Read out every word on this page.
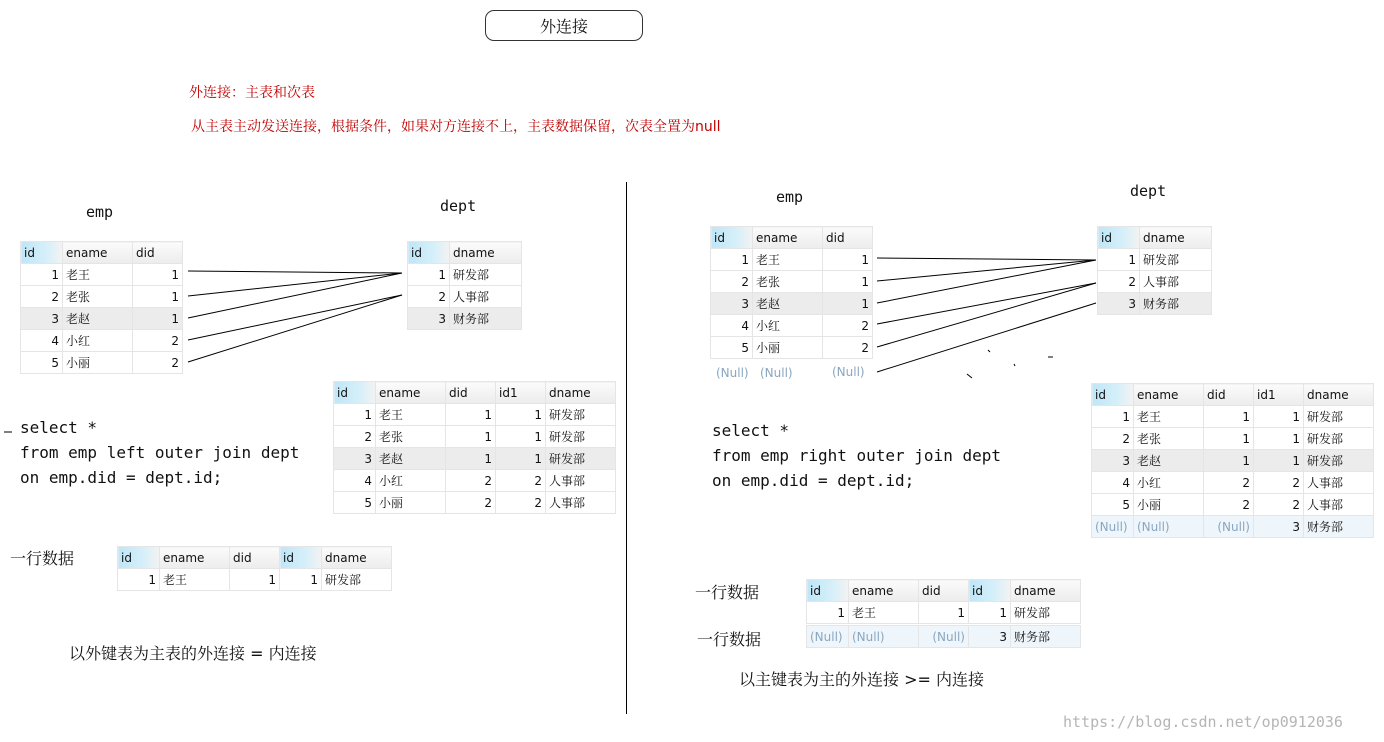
外连接
外连接：主表和次表
从主表主动发送连接，根据条件，如果对方连接不上，主表数据保留，次表全置为null
emp	dept
id	ename	did
1	老王	1
2	老张	1
3	老赵	1
4	小红	2
5	小丽	2
id	dname
1	研发部
2	人事部
3	财务部
select *
from emp left outer join dept
on emp.did = dept.id;
id	ename	did	id1	dname
1	老王	1	1	研发部
2	老张	1	1	研发部
3	老赵	1	1	研发部
4	小红	2	2	人事部
5	小丽	2	2	人事部
一行数据	id	ename	did	id	dname
1	老王	1	1	研发部
以外键表为主表的外连接 = 内连接
emp	dept
id	ename	did
1	老王	1
2	老张	1
3	老赵	1
4	小红	2
5	小丽	2
(Null) (Null)	(Null)
id	dname
1	研发部
2	人事部
3	财务部
select *
from emp right outer join dept
on emp.did = dept.id;
id	ename	did	id1	dname
1	老王	1	1	研发部
2	老张	1	1	研发部
3	老赵	1	1	研发部
4	小红	2	2	人事部
5	小丽	2	2	人事部
(Null)	(Null)	(Null)	3	财务部
一行数据
一行数据
id	ename	did	id	dname
1	老王	1	1	研发部
(Null)	(Null)	(Null)	3	财务部
以主键表为主的外连接 >= 内连接
https://blog.csdn.net/op0912036
